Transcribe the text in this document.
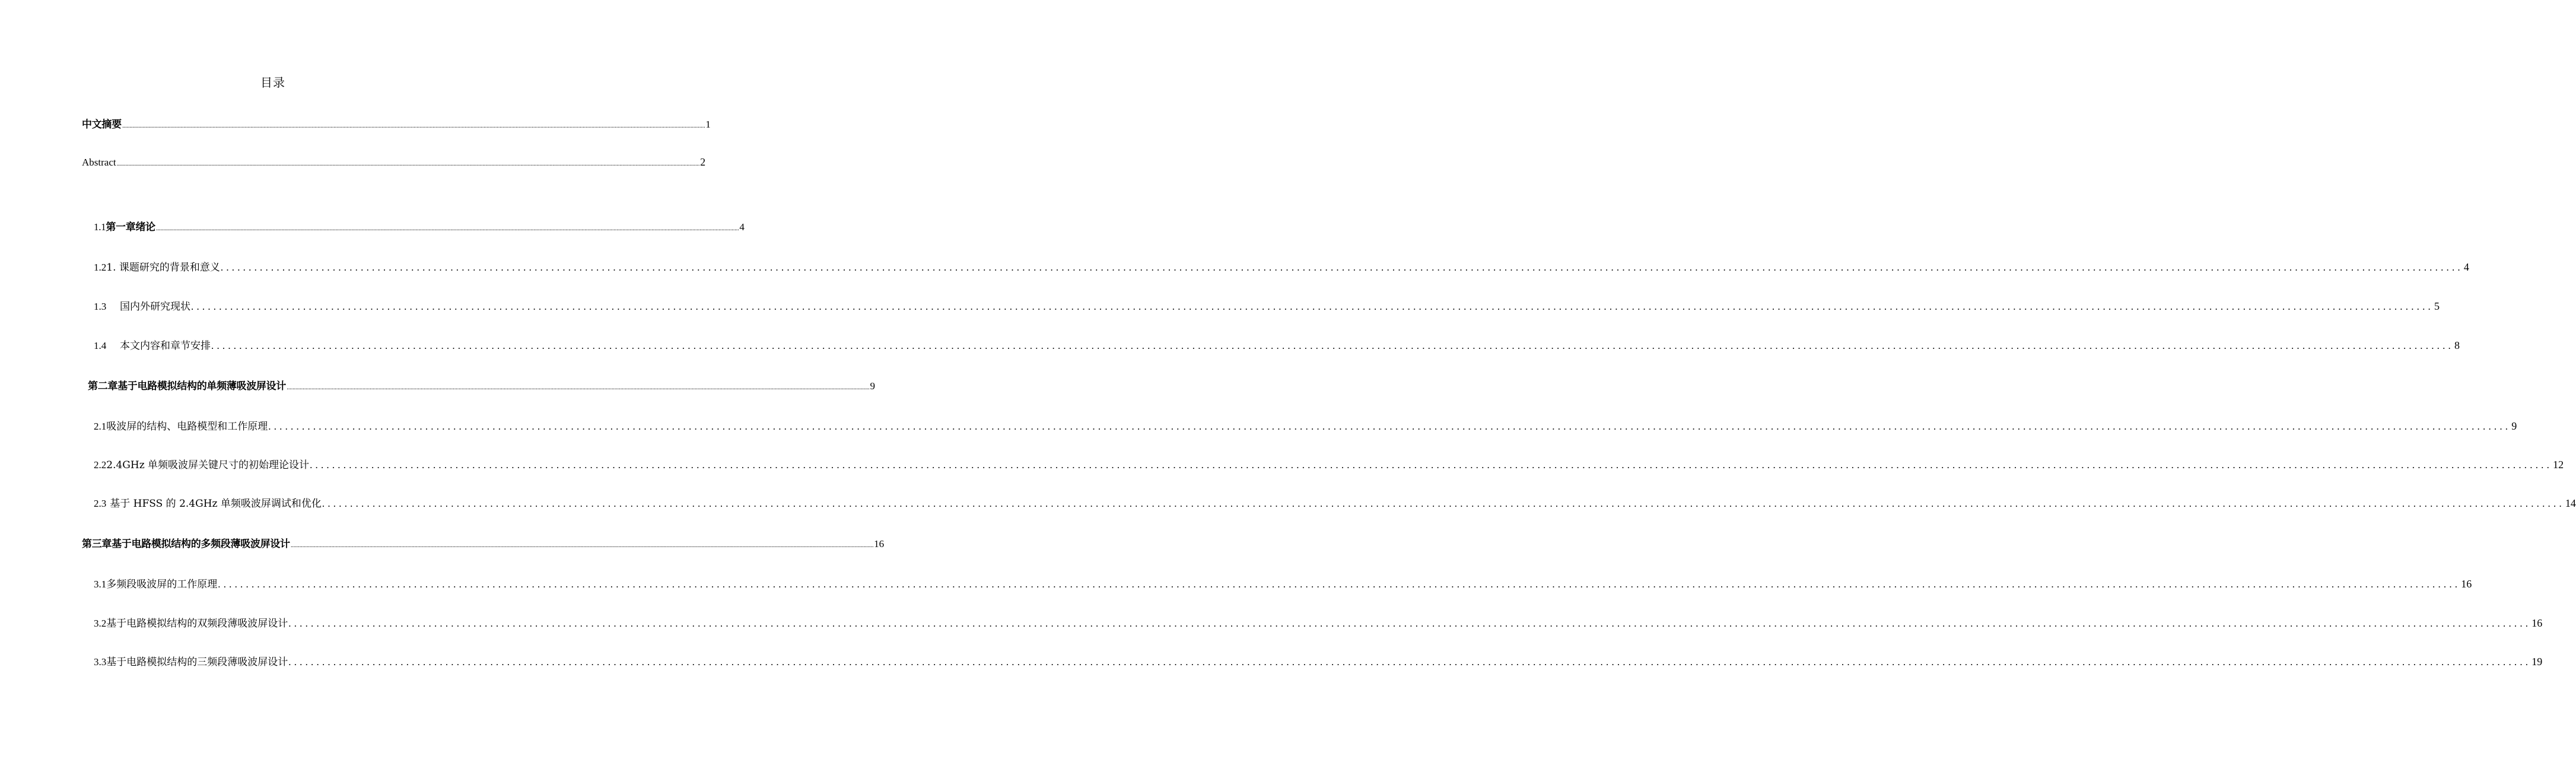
目录
中文摘要 ................................................................................................................................................................................................................................................................................................................................................................................................................ 1
Abstract ................................................................................................................................................................................................................................................................................................................................................................................................................ 2
1.1第一章绪论 ................................................................................................................................................................................................................................................................................................................................................................................................................ 4
1.21. 课题研究的背景和意义 ................................................................................................................................................................................................................................................................................................................................................................................................................ 4
1.3 国内外研究现状 ................................................................................................................................................................................................................................................................................................................................................................................................................ 5
1.4 本文内容和章节安排 ................................................................................................................................................................................................................................................................................................................................................................................................................ 8
第二章基于电路模拟结构的单频薄吸波屏设计 ................................................................................................................................................................................................................................................................................................................................................................................................................ 9
2.1吸波屏的结构、电路模型和工作原理 ................................................................................................................................................................................................................................................................................................................................................................................................................ 9
2.22.4GHz 单频吸波屏关键尺寸的初始理论设计 ................................................................................................................................................................................................................................................................................................................................................................................................................ 12
2.3 基于 HFSS 的 2.4GHz 单频吸波屏调试和优化 ................................................................................................................................................................................................................................................................................................................................................................................................................ 14
第三章基于电路模拟结构的多频段薄吸波屏设计 ................................................................................................................................................................................................................................................................................................................................................................................................................ 16
3.1多频段吸波屏的工作原理 ................................................................................................................................................................................................................................................................................................................................................................................................................ 16
3.2基于电路模拟结构的双频段薄吸波屏设计 ................................................................................................................................................................................................................................................................................................................................................................................................................ 16
3.3基于电路模拟结构的三频段薄吸波屏设计 ................................................................................................................................................................................................................................................................................................................................................................................................................ 19
